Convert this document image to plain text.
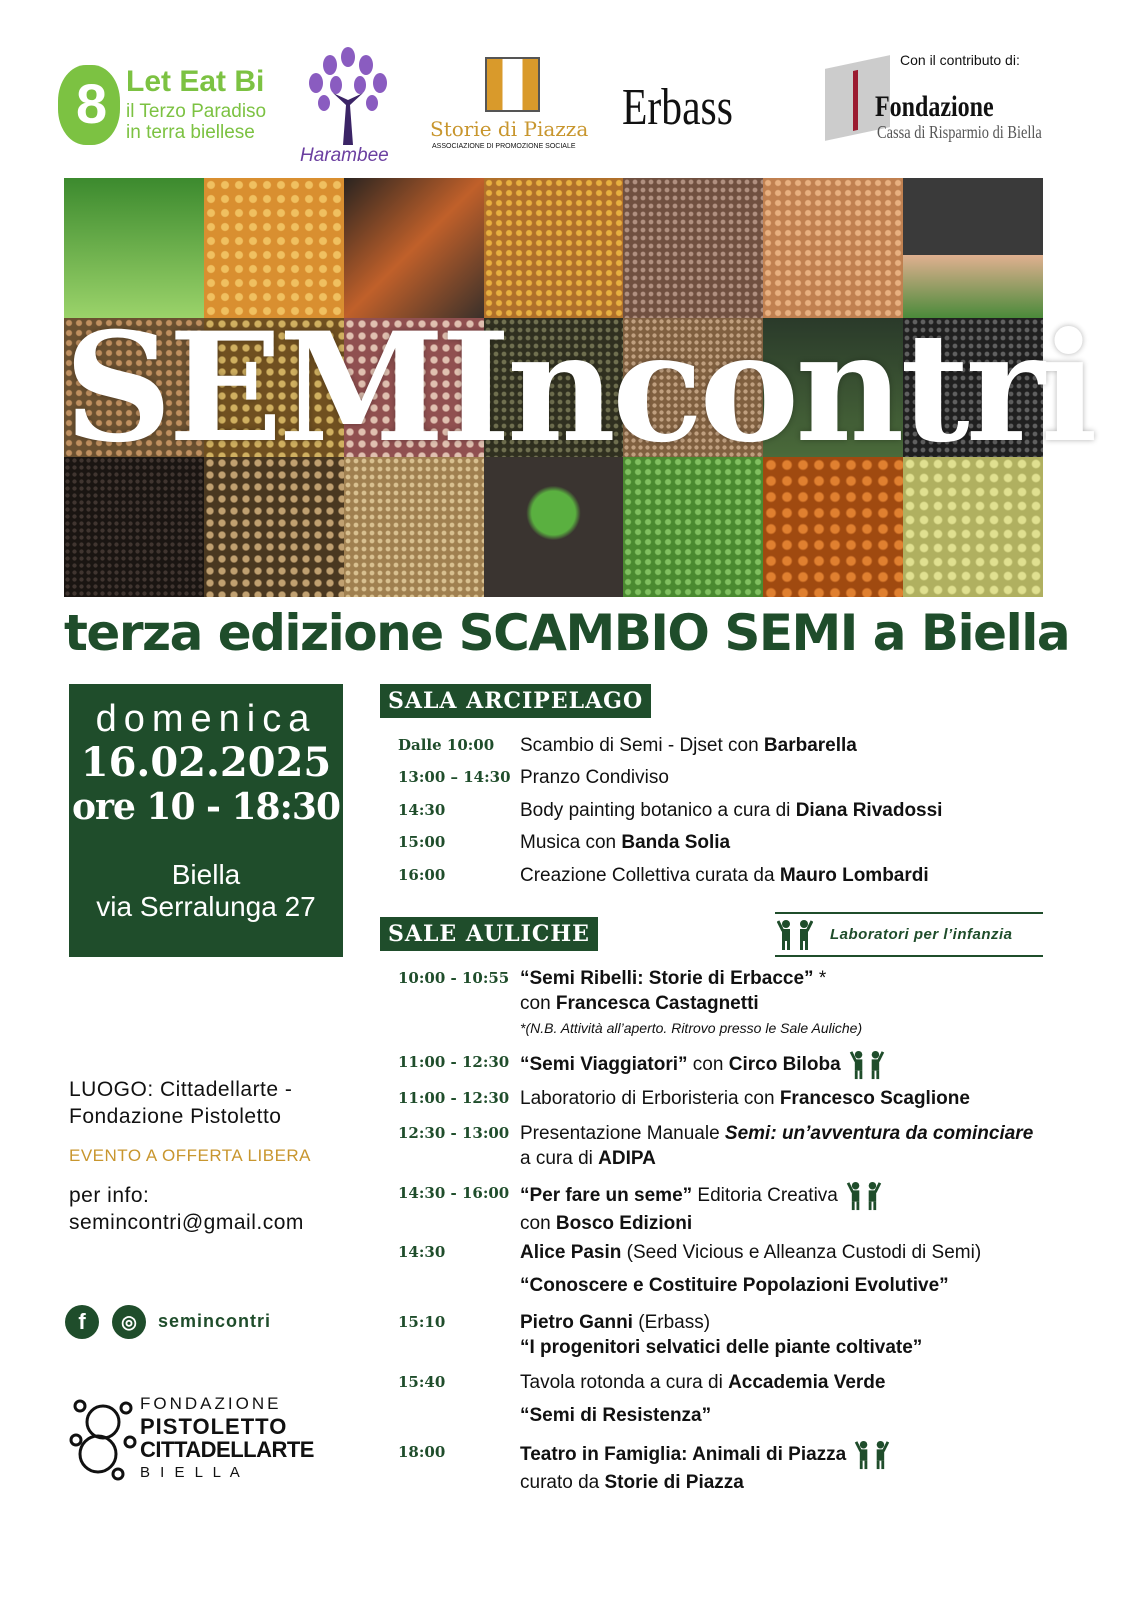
8
Let Eat Bi
il Terzo Paradiso
in terra biellese
Harambee
Storie di Piazza
ASSOCIAZIONE DI PROMOZIONE SOCIALE
Erbass
Con il contributo di:
Fondazione
Cassa di Risparmio di Biella
SEMIncontri
terza edizione SCAMBIO SEMI a Biella
domenica
16.02.2025
ore 10 - 18:30
Biella
via Serralunga 27
SALA ARCIPELAGO
Dalle 10:00 Scambio di Semi - Djset con Barbarella
13:00 – 14:30 Pranzo Condiviso
14:30	Body painting botanico a cura di Diana Rivadossi
15:00	Musica con Banda Solia
16:00	Creazione Collettiva curata da Mauro Lombardi
SALE AULICHE	Laboratori per l’infanzia
10:00 - 10:55 “Semi Ribelli: Storie di Erbacce” *
con Francesca Castagnetti
*(N.B. Attività all’aperto. Ritrovo presso le Sale Auliche)
11:00 - 12:30 “Semi Viaggiatori” con Circo Biloba
11:00 - 12:30 Laboratorio di Erboristeria con Francesco Scaglione
12:30 - 13:00 Presentazione Manuale Semi: un’avventura da cominciare
a cura di ADIPA
14:30 - 16:00 “Per fare un seme” Editoria Creativa
con Bosco Edizioni
14:30	Alice Pasin (Seed Vicious e Alleanza Custodi di Semi)

“Conoscere e Costituire Popolazioni Evolutive”
15:10	Pietro Ganni (Erbass)
“I progenitori selvatici delle piante coltivate”
15:40	Tavola rotonda a cura di Accademia Verde

“Semi di Resistenza”
18:00	Teatro in Famiglia: Animali di Piazza
curato da Storie di Piazza
LUOGO: Cittadellarte -
Fondazione Pistoletto
EVENTO A OFFERTA LIBERA
per info:
semincontri@gmail.com
f	◎	semincontri
FONDAZIONE
PISTOLETTO
CITTADELLARTE
B I E L L A
